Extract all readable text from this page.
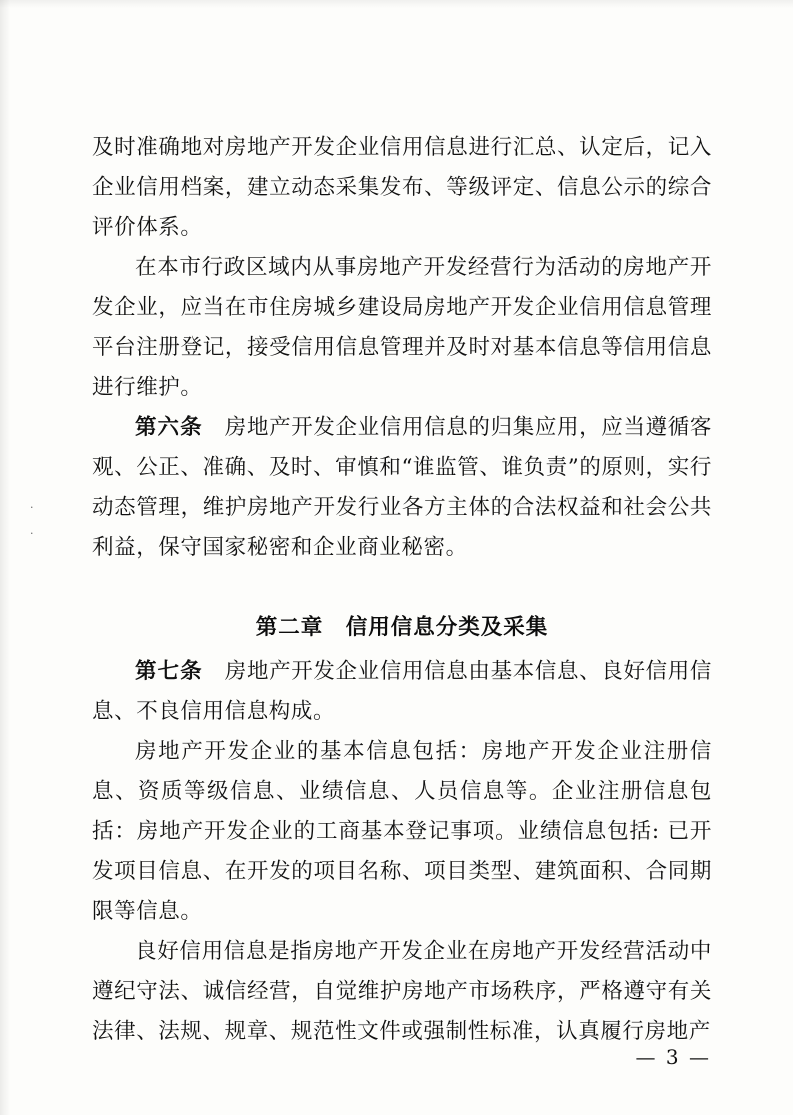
·
·

及时准确地对房地产开发企业信用信息进行汇总、认定后，记入企业信用档案，建立动态采集发布、等级评定、信息公示的综合评价体系。

在本市行政区域内从事房地产开发经营行为活动的房地产开发企业，应当在市住房城乡建设局房地产开发企业信用信息管理平台注册登记，接受信用信息管理并及时对基本信息等信用信息进行维护。

第六条　房地产开发企业信用信息的归集应用，应当遵循客观、公正、准确、及时、审慎和“谁监管、谁负责”的原则，实行动态管理，维护房地产开发行业各方主体的合法权益和社会公共利益，保守国家秘密和企业商业秘密。

第二章　信用信息分类及采集

第七条　房地产开发企业信用信息由基本信息、良好信用信息、不良信用信息构成。

房地产开发企业的基本信息包括：房地产开发企业注册信息、资质等级信息、业绩信息、人员信息等。企业注册信息包括：房地产开发企业的工商基本登记事项。业绩信息包括: 已开发项目信息、在开发的项目名称、项目类型、建筑面积、合同期限等信息。

良好信用信息是指房地产开发企业在房地产开发经营活动中遵纪守法、诚信经营，自觉维护房地产市场秩序，严格遵守有关法律、法规、规章、规范性文件或强制性标准，认真履行房地产

— 3 —
